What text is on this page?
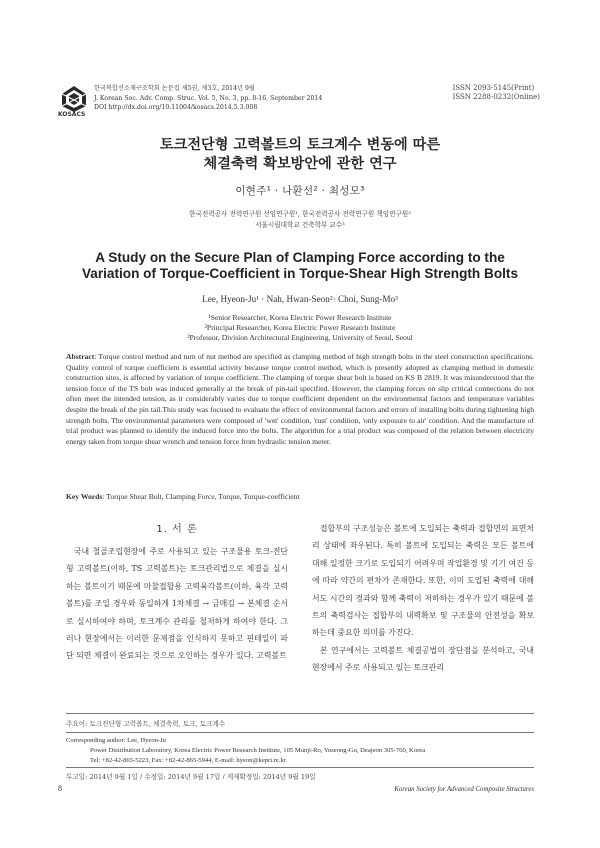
KOSACS
한국복합신소재구조학회 논문집 제5권, 제3호, 2014년 9월
J. Korean Soc. Adv. Comp. Struc. Vol. 5, No. 3, pp. 8-16, September 2014
DOI http://dx.doi.org/10.11004/kosacs.2014.5.3.008
ISSN 2093-5145(Print)
ISSN 2288-0232(Online)
토크전단형 고력볼트의 토크계수 변동에 따른
체결축력 확보방안에 관한 연구
이현주¹ · 나환선² · 최성모³
한국전력공사 전력연구원 선임연구원¹, 한국전력공사 전력연구원 책임연구원²
서울시립대학교 건축학부 교수³
A Study on the Secure Plan of Clamping Force according to the
Variation of Torque-Coefficient in Torque-Shear High Strength Bolts
Lee, Hyeon-Ju¹ · Nah, Hwan-Seon²· Choi, Sung-Mo³
¹Senior Researcher, Korea Electric Power Research Institute
²Principal Researcher, Korea Electric Power Research Institute
³Professor, Division Architectural Engineering, University of Seoul, Seoul
Abstract: Torque control method and turn of nut method are specified as clamping method of high strength bolts in the steel construction specifications. Quality control of torque coefficient is essential activity because torque control method, which is presently adopted as clamping method in domestic construction sites, is affected by variation of torque coefficient. The clamping of torque shear bolt is based on KS B 2819. It was misunderstood that the tension force of the TS bolt was induced generally at the break of pin-tail specified. However, the clamping forces on slip critical connections do not often meet the intended tension, as it considerably varies due to torque coefficient dependent on the environmental factors and temperature variables despite the break of the pin tail.This study was focused to evaluate the effect of environmental factors and errors of installing bolts during tightening high strength bolts. The environmental parameters were composed of 'wet' condition, 'rust' condition, 'only exposure to air' condition. And the manufacture of trial product was planned to identify the induced force into the bolts. The algorithm for a trial product was composed of the relation between electricity energy taken from torque shear wrench and tension force from hydraulic tension meter.
Key Words: Torque Shear Bolt, Clamping Force, Torque, Torque-coefficient
1. 서 론

국내 철골조립현장에 주로 사용되고 있는 구조물용 토크-전단형 고력볼트(이하, TS 고력볼트)는 토크관리법으로 체결을 실시하는 볼트이기 때문에 마찰접합용 고력육각볼트(이하, 육각 고력볼트)를 조일 경우와 동일하게 1차체결 → 금매김 → 본체결 순서로 실시하여야 하며, 토크계수 관리를 철저하게 하여야 한다. 그러나 현장에서는 이러한 문제점을 인식하지 못하고 핀테일이 파단 되면 체결이 완료되는 것으로 오인하는 경우가 있다. 고력볼트

접합부의 구조성능은 볼트에 도입되는 축력과 접합면의 표면처리 상태에 좌우된다. 특히 볼트에 도입되는 축력은 모든 볼트에 대해 일정한 크기로 도입되기 어려우며 작업환경 및 기기 여건 등에 따라 약간의 편차가 존재한다. 또한, 이미 도입된 축력에 대해서도 시간의 경과와 함께 축력이 저하하는 경우가 있기 때문에 볼트의 축력검사는 접합부의 내력확보 및 구조물의 안전성을 확보하는데 중요한 의미를 가진다.

본 연구에서는 고력볼트 체결공법의 장단점을 분석하고, 국내현장에서 주로 사용되고 있는 토크관리

주요어: 토크전단형 고력볼트, 체결축력, 토크, 토크계수
Corresponding author: Lee, Hyeon-Ju
Power Distribution Laboratory, Korea Electric Power Research Institute, 105 Munji-Ro, Yuseong-Gu, Deajeon 305-760, Korea
Tel: +82-42-865-5223, Fax: +82-42-865-5944, E-mail: hyeon@kepri.re.kr
투고일: 2014년 9월 1일 / 수정일: 2014년 9월 17일 / 게재확정일: 2014년 9월 19일
8	Korean Society for Advanced Composite Structures
